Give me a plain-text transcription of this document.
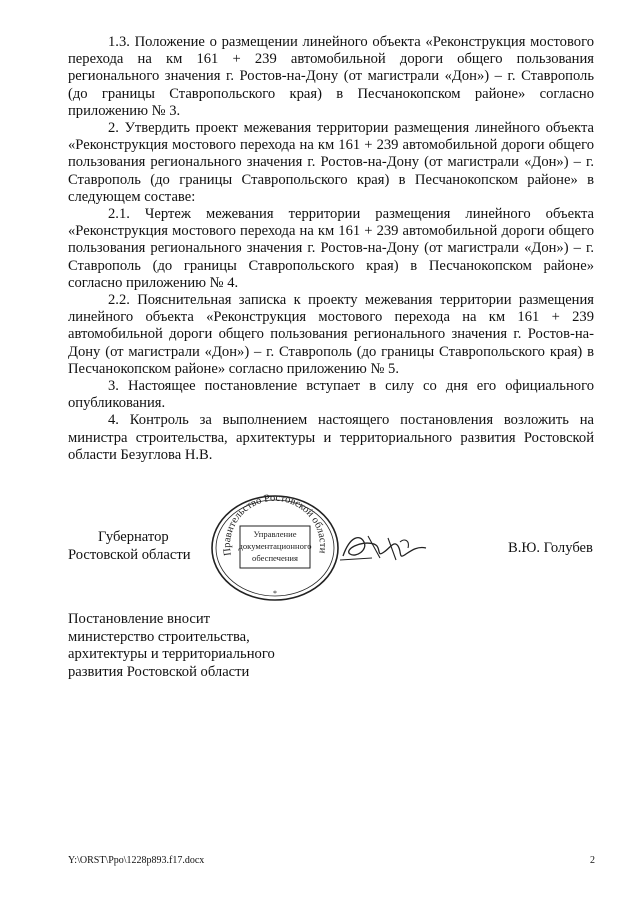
1.3. Положение о размещении линейного объекта «Реконструкция мостового перехода на км 161 + 239 автомобильной дороги общего пользования регионального значения г. Ростов-на-Дону (от магистрали «Дон») – г. Ставрополь (до границы Ставропольского края) в Песчанокопском районе» согласно приложению № 3.

2. Утвердить проект межевания территории размещения линейного объекта «Реконструкция мостового перехода на км 161 + 239 автомобильной дороги общего пользования регионального значения г. Ростов-на-Дону (от магистрали «Дон») – г. Ставрополь (до границы Ставропольского края) в Песчанокопском районе» в следующем составе:

2.1. Чертеж межевания территории размещения линейного объекта «Реконструкция мостового перехода на км 161 + 239 автомобильной дороги общего пользования регионального значения г. Ростов-на-Дону (от магистрали «Дон») – г. Ставрополь (до границы Ставропольского края) в Песчанокопском районе» согласно приложению № 4.

2.2. Пояснительная записка к проекту межевания территории размещения линейного объекта «Реконструкция мостового перехода на км 161 + 239 автомобильной дороги общего пользования регионального значения г. Ростов-на-Дону (от магистрали «Дон») – г. Ставрополь (до границы Ставропольского края) в Песчанокопском районе» согласно приложению № 5.

3. Настоящее постановление вступает в силу со дня его официального опубликования.

4. Контроль за выполнением настоящего постановления возложить на министра строительства, архитектуры и территориального развития Ростовской области Безуглова Н.В.

Губернатор
Ростовской области	Правительство Ростовской области
Управление
документационного
обеспечения
*
В.Ю. Голубев
Постановление вносит
министерство строительства,
архитектуры и территориального
развития Ростовской области
Y:\ORST\Ppo\1228p893.f17.docx	2
